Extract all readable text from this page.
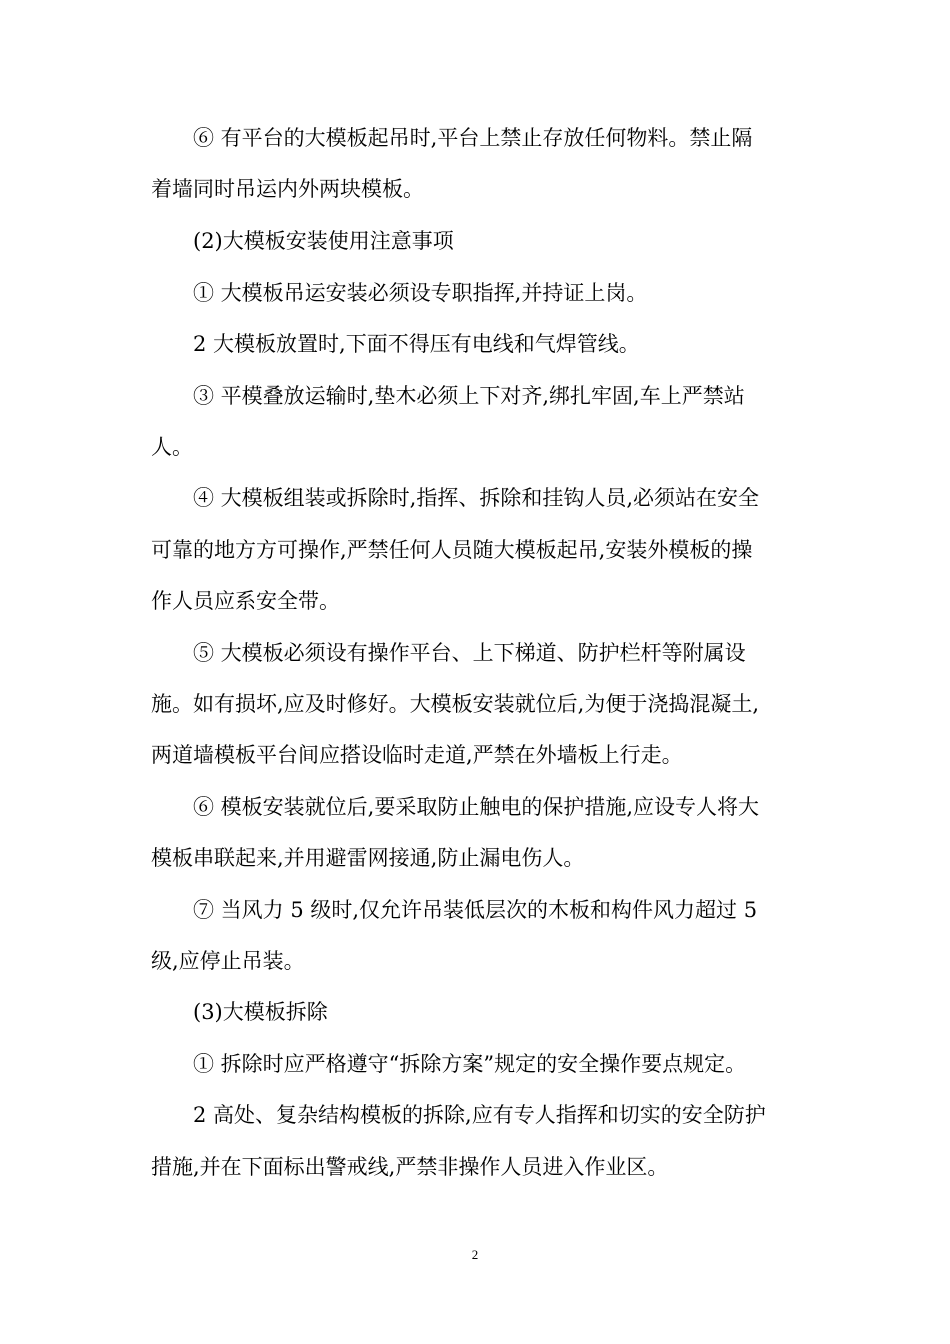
⑥ 有平台的大模板起吊时,平台上禁止存放任何物料。禁止隔
着墙同时吊运内外两块模板。
(2)大模板安装使用注意事项
① 大模板吊运安装必须设专职指挥,并持证上岗。
2 大模板放置时,下面不得压有电线和气焊管线。
③ 平模叠放运输时,垫木必须上下对齐,绑扎牢固,车上严禁站
人。
④ 大模板组装或拆除时,指挥、拆除和挂钩人员,必须站在安全
可靠的地方方可操作,严禁任何人员随大模板起吊,安装外模板的操
作人员应系安全带。
⑤ 大模板必须设有操作平台、上下梯道、防护栏杆等附属设
施。如有损坏,应及时修好。大模板安装就位后,为便于浇捣混凝土,
两道墙模板平台间应搭设临时走道,严禁在外墙板上行走。
⑥ 模板安装就位后,要采取防止触电的保护措施,应设专人将大
模板串联起来,并用避雷网接通,防止漏电伤人。
⑦ 当风力 5 级时,仅允许吊装低层次的木板和构件风力超过 5
级,应停止吊装。
(3)大模板拆除
① 拆除时应严格遵守“拆除方案”规定的安全操作要点规定。
2 高处、复杂结构模板的拆除,应有专人指挥和切实的安全防护
措施,并在下面标出警戒线,严禁非操作人员进入作业区。
2
